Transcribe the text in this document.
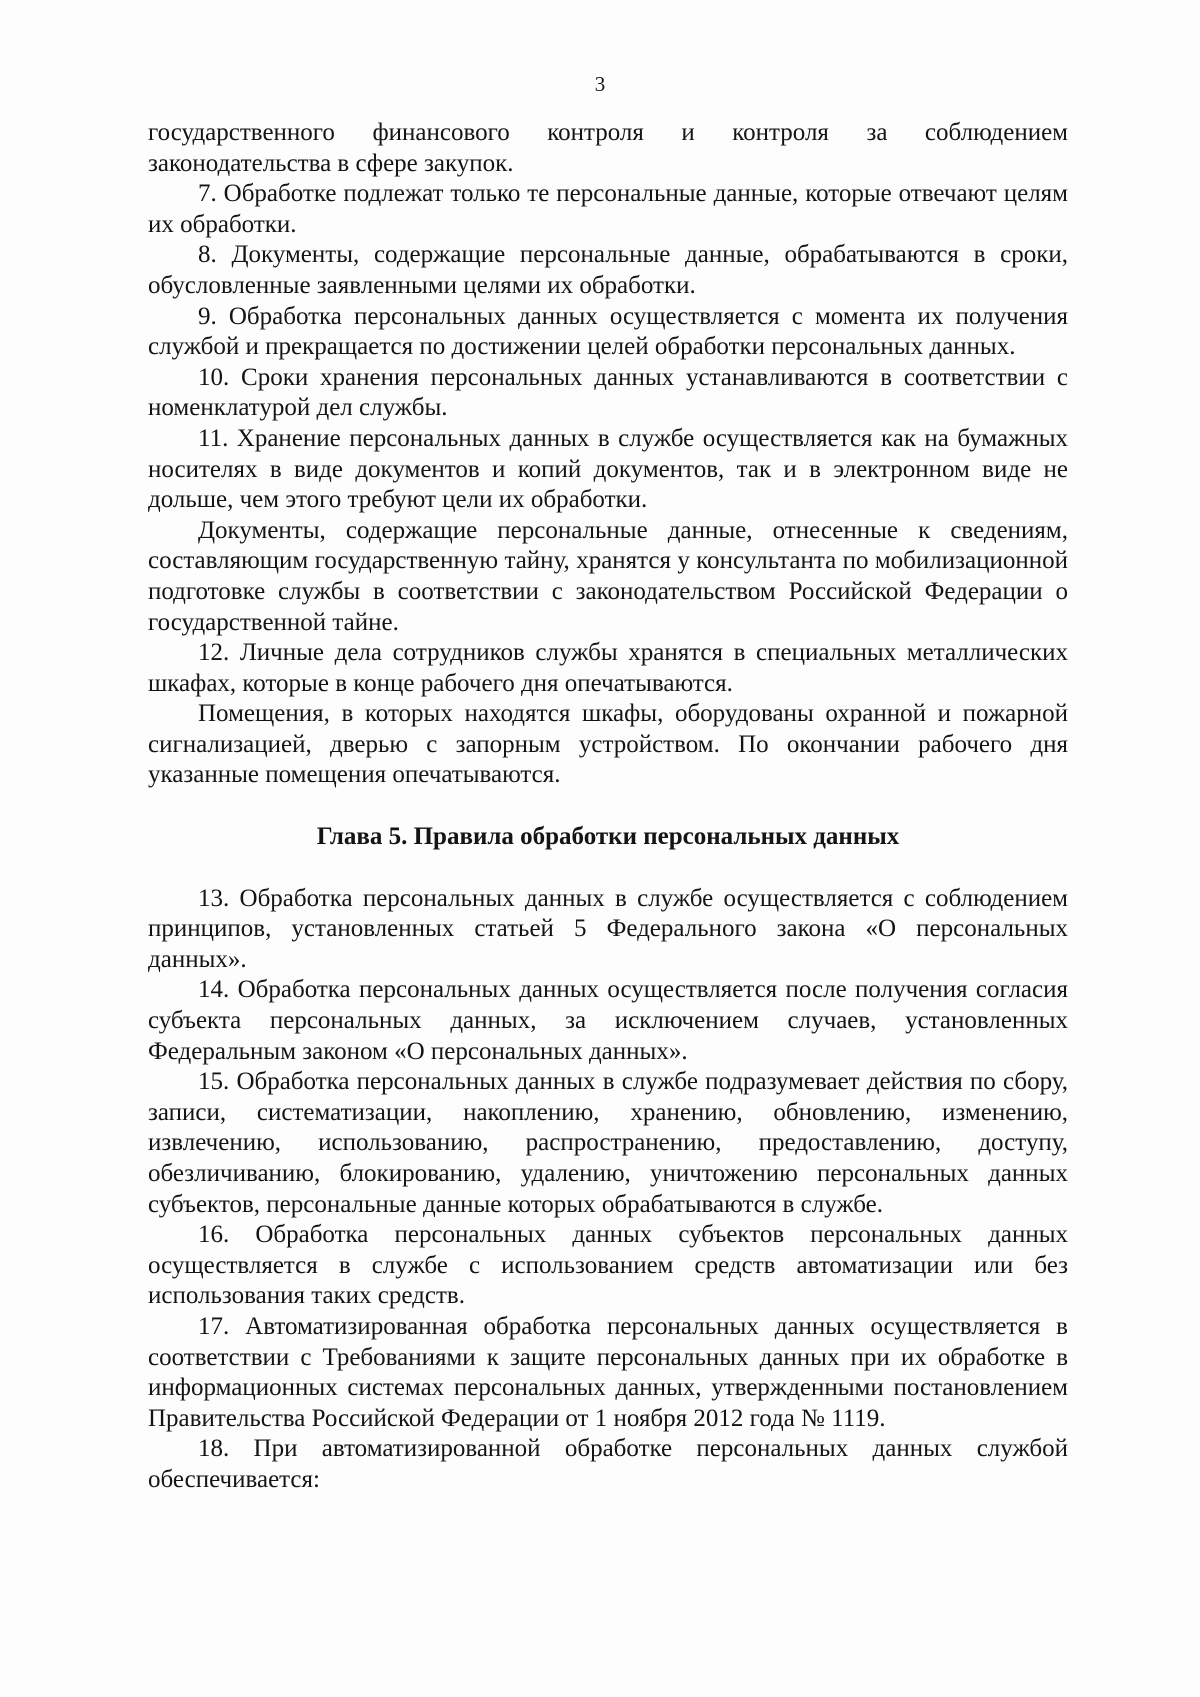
3

государственного финансового контроля и контроля за соблюдением законодательства в сфере закупок.

7. Обработке подлежат только те персональные данные, которые отвечают целям их обработки.

8. Документы, содержащие персональные данные, обрабатываются в сроки, обусловленные заявленными целями их обработки.

9. Обработка персональных данных осуществляется с момента их получения службой и прекращается по достижении целей обработки персональных данных.

10. Сроки хранения персональных данных устанавливаются в соответствии с номенклатурой дел службы.

11. Хранение персональных данных в службе осуществляется как на бумажных носителях в виде документов и копий документов, так и в электронном виде не дольше, чем этого требуют цели их обработки.

Документы, содержащие персональные данные, отнесенные к сведениям, составляющим государственную тайну, хранятся у консультанта по мобилизационной подготовке службы в соответствии с законодательством Российской Федерации о государственной тайне.

12. Личные дела сотрудников службы хранятся в специальных металлических шкафах, которые в конце рабочего дня опечатываются.

Помещения, в которых находятся шкафы, оборудованы охранной и пожарной сигнализацией, дверью с запорным устройством. По окончании рабочего дня указанные помещения опечатываются.

Глава 5. Правила обработки персональных данных

13. Обработка персональных данных в службе осуществляется с соблюдением принципов, установленных статьей 5 Федерального закона «О персональных данных».

14. Обработка персональных данных осуществляется после получения согласия субъекта персональных данных, за исключением случаев, установленных Федеральным законом «О персональных данных».

15. Обработка персональных данных в службе подразумевает действия по сбору, записи, систематизации, накоплению, хранению, обновлению, изменению, извлечению, использованию, распространению, предоставлению, доступу, обезличиванию, блокированию, удалению, уничтожению персональных данных субъектов, персональные данные которых обрабатываются в службе.

16. Обработка персональных данных субъектов персональных данных осуществляется в службе с использованием средств автоматизации или без использования таких средств.

17. Автоматизированная обработка персональных данных осуществляется в соответствии с Требованиями к защите персональных данных при их обработке в информационных системах персональных данных, утвержденными постановлением Правительства Российской Федерации от 1 ноября 2012 года № 1119.

18. При автоматизированной обработке персональных данных службой обеспечивается:
